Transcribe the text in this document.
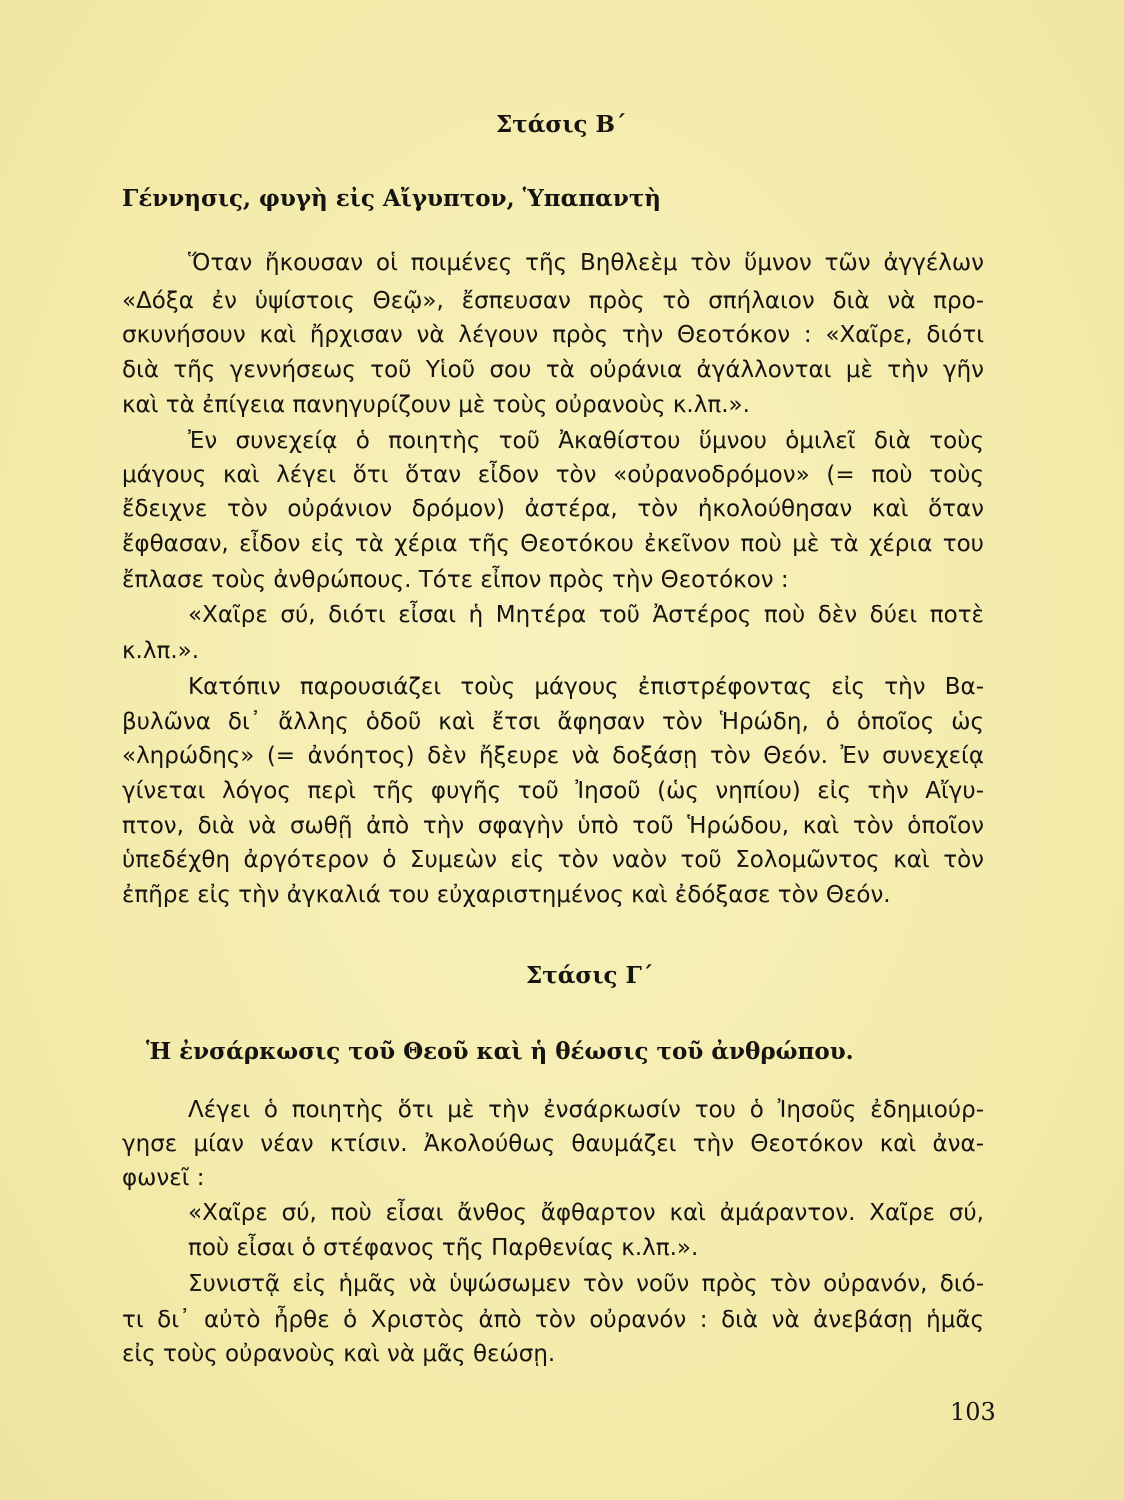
Στάσις Β΄
Γέννησις, φυγὴ εἰς Αἴγυπτον, Ὑπαπαντὴ
Ὅταν ἤκουσαν οἱ ποιμένες τῆς Βηθλεὲμ τὸν ὕμνον τῶν ἀγγέλων
«Δόξα ἐν ὑψίστοις Θεῷ», ἔσπευσαν πρὸς τὸ σπήλαιον διὰ νὰ προ-
σκυνήσουν καὶ ἤρχισαν νὰ λέγουν πρὸς τὴν Θεοτόκον : «Χαῖρε, διότι
διὰ τῆς γεννήσεως τοῦ Υἱοῦ σου τὰ οὐράνια ἀγάλλονται μὲ τὴν γῆν
καὶ τὰ ἐπίγεια πανηγυρίζουν μὲ τοὺς οὐρανοὺς κ.λπ.».
Ἐν συνεχείᾳ ὁ ποιητὴς τοῦ Ἀκαθίστου ὕμνου ὁμιλεῖ διὰ τοὺς
μάγους καὶ λέγει ὅτι ὅταν εἶδον τὸν «οὐρανοδρόμον» (= ποὺ τοὺς
ἔδειχνε τὸν οὐράνιον δρόμον) ἀστέρα, τὸν ἠκολούθησαν καὶ ὅταν
ἔφθασαν, εἶδον εἰς τὰ χέρια τῆς Θεοτόκου ἐκεῖνον ποὺ μὲ τὰ χέρια του
ἔπλασε τοὺς ἀνθρώπους. Τότε εἶπον πρὸς τὴν Θεοτόκον :
«Χαῖρε σύ, διότι εἶσαι ἡ Μητέρα τοῦ Ἀστέρος ποὺ δὲν δύει ποτὲ
κ.λπ.».
Κατόπιν παρουσιάζει τοὺς μάγους ἐπιστρέφοντας εἰς τὴν Βα-
βυλῶνα δι᾽ ἄλλης ὁδοῦ καὶ ἔτσι ἄφησαν τὸν Ἡρώδη, ὁ ὁποῖος ὡς
«ληρώδης» (= ἀνόητος) δὲν ἤξευρε νὰ δοξάσῃ τὸν Θεόν. Ἐν συνεχείᾳ
γίνεται λόγος περὶ τῆς φυγῆς τοῦ Ἰησοῦ (ὡς νηπίου) εἰς τὴν Αἴγυ-
πτον, διὰ νὰ σωθῇ ἀπὸ τὴν σφαγὴν ὑπὸ τοῦ Ἡρώδου, καὶ τὸν ὁποῖον
ὑπεδέχθη ἀργότερον ὁ Συμεὼν εἰς τὸν ναὸν τοῦ Σολομῶντος καὶ τὸν
ἐπῆρε εἰς τὴν ἀγκαλιά του εὐχαριστημένος καὶ ἐδόξασε τὸν Θεόν.
Στάσις Γ΄
Ἡ ἐνσάρκωσις τοῦ Θεοῦ καὶ ἡ θέωσις τοῦ ἀνθρώπου.
Λέγει ὁ ποιητὴς ὅτι μὲ τὴν ἐνσάρκωσίν του ὁ Ἰησοῦς ἐδημιούρ-
γησε μίαν νέαν κτίσιν. Ἀκολούθως θαυμάζει τὴν Θεοτόκον καὶ ἀνα-
φωνεῖ :
«Χαῖρε σύ, ποὺ εἶσαι ἄνθος ἄφθαρτον καὶ ἀμάραντον. Χαῖρε σύ,
ποὺ εἶσαι ὁ στέφανος τῆς Παρθενίας κ.λπ.».
Συνιστᾷ εἰς ἡμᾶς νὰ ὑψώσωμεν τὸν νοῦν πρὸς τὸν οὐρανόν, διό-
τι δι᾽ αὐτὸ ἦρθε ὁ Χριστὸς ἀπὸ τὸν οὐρανόν : διὰ νὰ ἀνεβάσῃ ἡμᾶς
εἰς τοὺς οὐρανοὺς καὶ νὰ μᾶς θεώσῃ.
103
